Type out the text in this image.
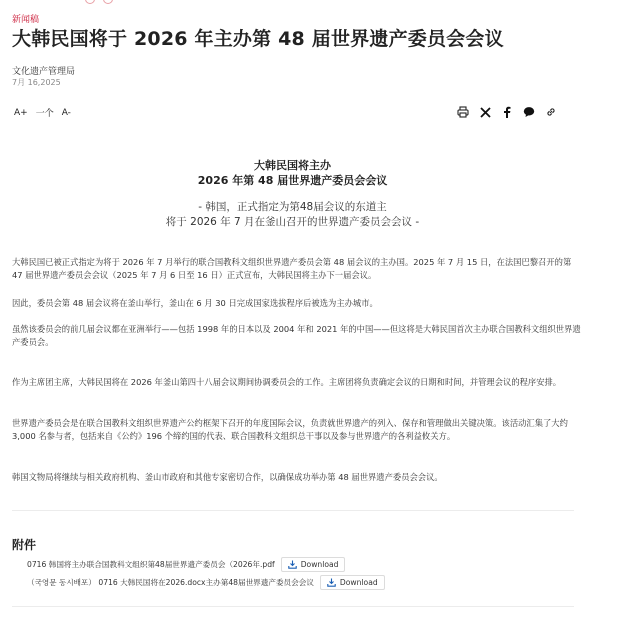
新闻稿
大韩民国将于 2026 年主办第 48 届世界遗产委员会会议
文化遗产管理局
7月 16,2025
A+ 一个 A-
大韩民国将主办
2026 年第 48 届世界遗产委员会会议
- 韩国，正式指定为第48届会议的东道主
将于 2026 年 7 月在釜山召开的世界遗产委员会会议 -

大韩民国已被正式指定为将于 2026 年 7 月举行的联合国教科文组织世界遗产委员会第 48 届会议的主办国。2025 年 7 月 15 日，在法国巴黎召开的第 47 届世界遗产委员会会议（2025 年 7 月 6 日至 16 日）正式宣布，大韩民国将主办下一届会议。

因此，委员会第 48 届会议将在釜山举行，釜山在 6 月 30 日完成国家选拔程序后被选为主办城市。

虽然该委员会的前几届会议都在亚洲举行——包括 1998 年的日本以及 2004 年和 2021 年的中国——但这将是大韩民国首次主办联合国教科文组织世界遗产委员会。

作为主席团主席，大韩民国将在 2026 年釜山第四十八届会议期间协调委员会的工作。主席团将负责确定会议的日期和时间，并管理会议的程序安排。

世界遗产委员会是在联合国教科文组织世界遗产公约框架下召开的年度国际会议，负责就世界遗产的列入、保存和管理做出关键决策。该活动汇集了大约 3,000 名参与者，包括来自《公约》196 个缔约国的代表、联合国教科文组织总干事以及参与世界遗产的各利益攸关方。

韩国文物局将继续与相关政府机构、釜山市政府和其他专家密切合作，以确保成功举办第 48 届世界遗产委员会会议。

附件
0716 韩国将主办联合国教科文组织第48届世界遗产委员会（2026年.pdf	Download
（국영문 동시배포） 0716 大韩民国将在2026.docx主办第48届世界遗产委员会会议	Download
